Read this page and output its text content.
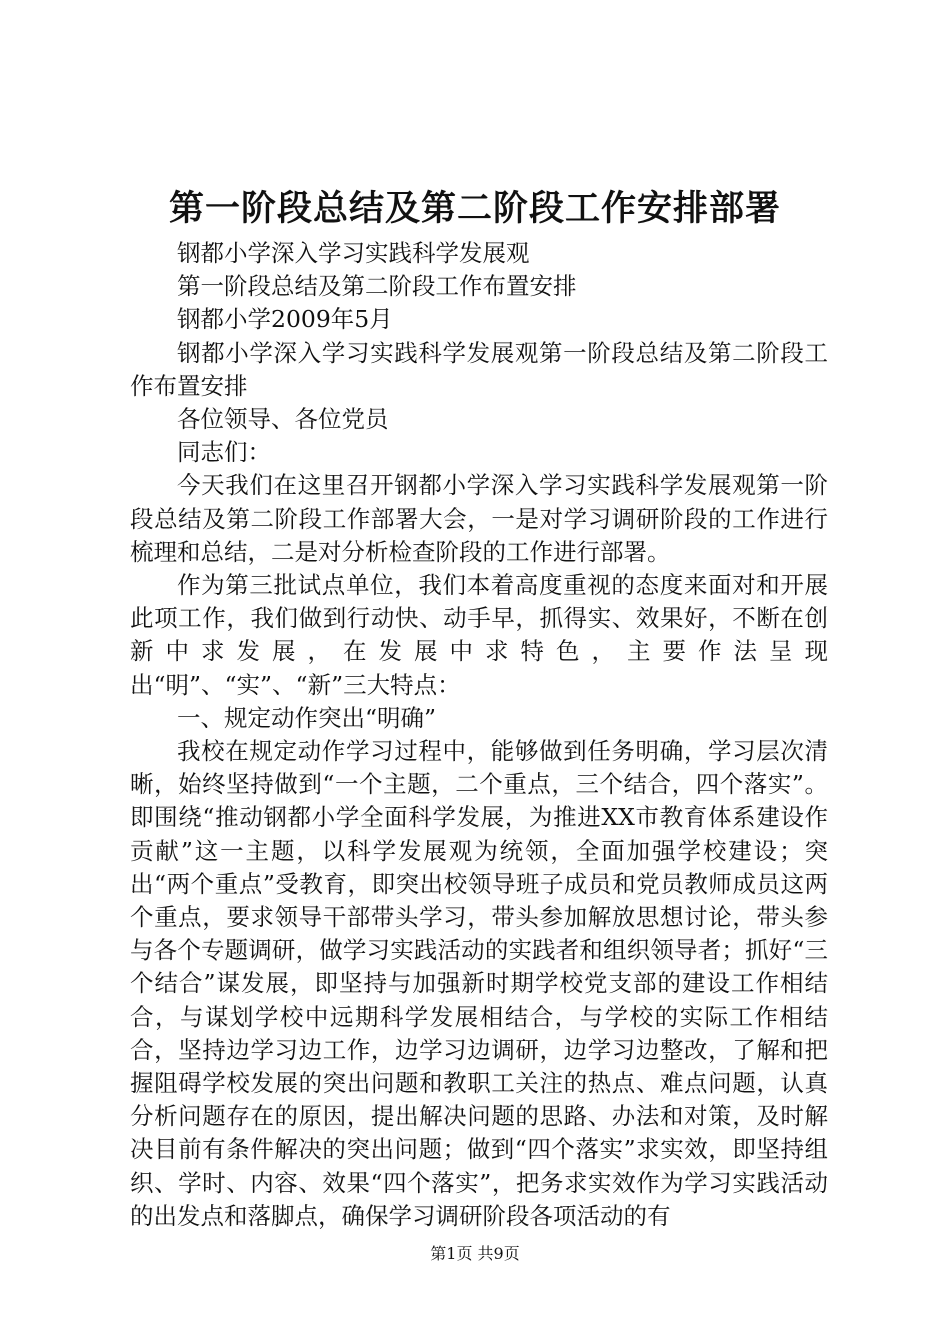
第一阶段总结及第二阶段工作安排部署

钢都小学深入学习实践科学发展观

第一阶段总结及第二阶段工作布置安排

钢都小学2009年5月

钢都小学深入学习实践科学发展观第一阶段总结及第二阶段工作布置安排

各位领导、各位党员

同志们：

今天我们在这里召开钢都小学深入学习实践科学发展观第一阶段总结及第二阶段工作部署大会，一是对学习调研阶段的工作进行梳理和总结，二是对分析检查阶段的工作进行部署。

作为第三批试点单位，我们本着高度重视的态度来面对和开展此项工作，我们做到行动快、动手早，抓得实、效果好，不断在创新中求发展，在发展中求特色，主要作法呈现出“明”、“实”、“新”三大特点：

一、规定动作突出“明确”

我校在规定动作学习过程中，能够做到任务明确，学习层次清晰，始终坚持做到“一个主题，二个重点，三个结合，四个落实”。即围绕“推动钢都小学全面科学发展，为推进XX市教育体系建设作贡献”这一主题，以科学发展观为统领，全面加强学校建设；突出“两个重点”受教育，即突出校领导班子成员和党员教师成员这两个重点，要求领导干部带头学习，带头参加解放思想讨论，带头参与各个专题调研，做学习实践活动的实践者和组织领导者；抓好“三个结合”谋发展，即坚持与加强新时期学校党支部的建设工作相结合，与谋划学校中远期科学发展相结合，与学校的实际工作相结合，坚持边学习边工作，边学习边调研，边学习边整改，了解和把握阻碍学校发展的突出问题和教职工关注的热点、难点问题，认真分析问题存在的原因，提出解决问题的思路、办法和对策，及时解决目前有条件解决的突出问题；做到“四个落实”求实效，即坚持组织、学时、内容、效果“四个落实”，把务求实效作为学习实践活动的出发点和落脚点，确保学习调研阶段各项活动的有

第1页 共9页
